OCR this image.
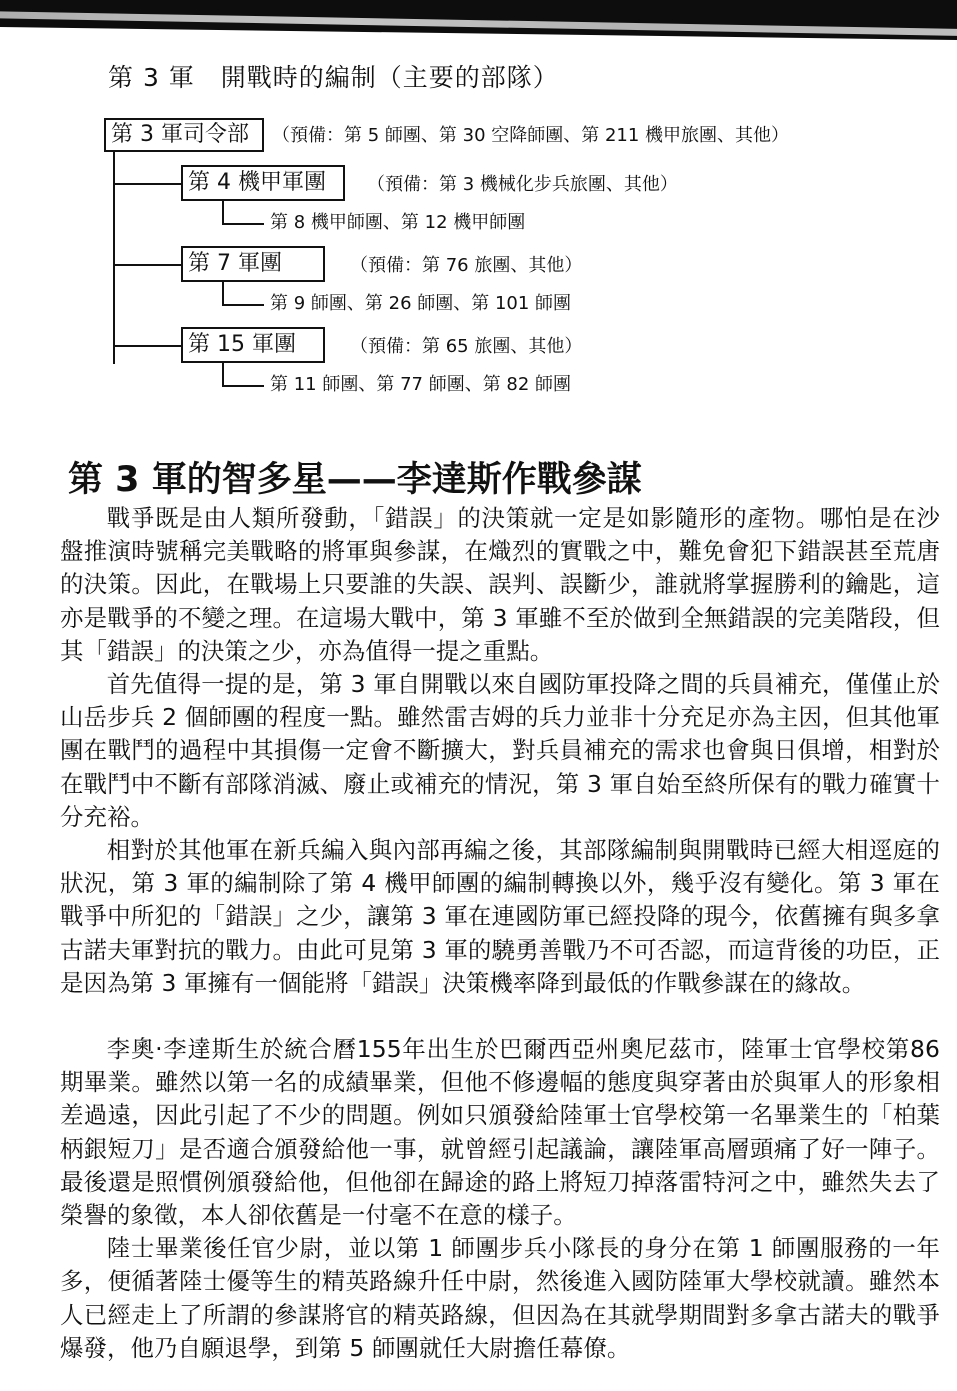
第 3 軍　開戰時的編制（主要的部隊）
第 3 軍司令部	（預備：第 5 師團、第 30 空降師團、第 211 機甲旅團、其他）
第 4 機甲軍團	（預備：第 3 機械化步兵旅團、其他）
第 8 機甲師團、第 12 機甲師團
第 7 軍團	（預備：第 76 旅團、其他）
第 9 師團、第 26 師團、第 101 師團
第 15 軍團	（預備：第 65 旅團、其他）
第 11 師團、第 77 師團、第 82 師團
第 3 軍的智多星——李達斯作戰參謀

戰爭既是由人類所發動，「錯誤」的決策就一定是如影隨形的產物。哪怕是在沙盤推演時號稱完美戰略的將軍與參謀，在熾烈的實戰之中，難免會犯下錯誤甚至荒唐的決策。因此，在戰場上只要誰的失誤、誤判、誤斷少，誰就將掌握勝利的鑰匙，這亦是戰爭的不變之理。在這場大戰中，第 3 軍雖不至於做到全無錯誤的完美階段，但其「錯誤」的決策之少，亦為值得一提之重點。

首先值得一提的是，第 3 軍自開戰以來自國防軍投降之間的兵員補充，僅僅止於山岳步兵 2 個師團的程度一點。雖然雷吉姆的兵力並非十分充足亦為主因，但其他軍團在戰鬥的過程中其損傷一定會不斷擴大，對兵員補充的需求也會與日俱增，相對於在戰鬥中不斷有部隊消滅、廢止或補充的情況，第 3 軍自始至終所保有的戰力確實十分充裕。

相對於其他軍在新兵編入與內部再編之後，其部隊編制與開戰時已經大相逕庭的狀況，第 3 軍的編制除了第 4 機甲師團的編制轉換以外，幾乎沒有變化。第 3 軍在戰爭中所犯的「錯誤」之少，讓第 3 軍在連國防軍已經投降的現今，依舊擁有與多拿古諾夫軍對抗的戰力。由此可見第 3 軍的驍勇善戰乃不可否認，而這背後的功臣，正是因為第 3 軍擁有一個能將「錯誤」決策機率降到最低的作戰參謀在的緣故。

李奧‧李達斯生於統合曆155年出生於巴爾西亞州奧尼茲市，陸軍士官學校第86期畢業。雖然以第一名的成績畢業，但他不修邊幅的態度與穿著由於與軍人的形象相差過遠，因此引起了不少的問題。例如只頒發給陸軍士官學校第一名畢業生的「柏葉柄銀短刀」是否適合頒發給他一事，就曾經引起議論，讓陸軍高層頭痛了好一陣子。最後還是照慣例頒發給他，但他卻在歸途的路上將短刀掉落雷特河之中，雖然失去了榮譽的象徵，本人卻依舊是一付毫不在意的樣子。

陸士畢業後任官少尉，並以第 1 師團步兵小隊長的身分在第 1 師團服務的一年多，便循著陸士優等生的精英路線升任中尉，然後進入國防陸軍大學校就讀。雖然本人已經走上了所謂的參謀將官的精英路線，但因為在其就學期間對多拿古諾夫的戰爭爆發，他乃自願退學，到第 5 師團就任大尉擔任幕僚。
